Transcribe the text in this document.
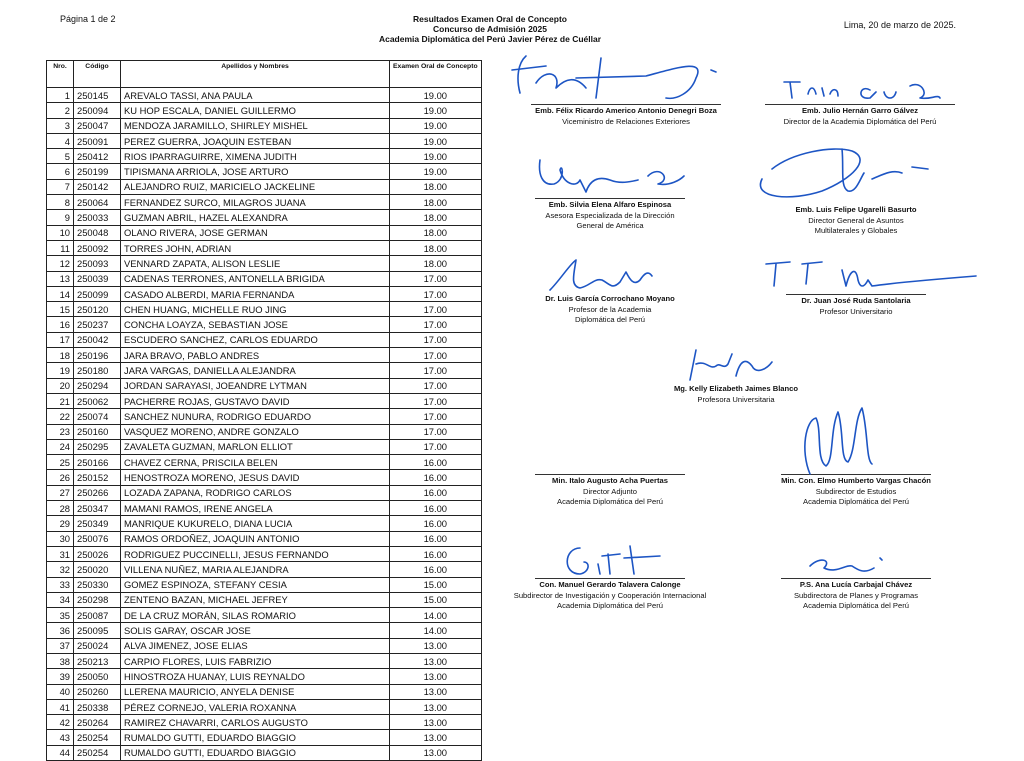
Página 1 de 2	Resultados Examen Oral de Concepto
Concurso de Admisión 2025
Academia Diplomática del Perú Javier Pérez de Cuéllar
Lima, 20 de marzo de 2025.
Nro.	Código	Apellidos y Nombres	Examen Oral de Concepto
1	250145	AREVALO TASSI, ANA PAULA	19.00
2	250094	KU HOP ESCALA, DANIEL GUILLERMO	19.00
3	250047	MENDOZA JARAMILLO, SHIRLEY MISHEL	19.00
4	250091	PEREZ GUERRA, JOAQUIN ESTEBAN	19.00
5	250412	RIOS IPARRAGUIRRE, XIMENA JUDITH	19.00
6	250199	TIPISMANA ARRIOLA, JOSE ARTURO	19.00
7	250142	ALEJANDRO RUIZ, MARICIELO JACKELINE	18.00
8	250064	FERNANDEZ SURCO, MILAGROS JUANA	18.00
9	250033	GUZMAN ABRIL, HAZEL ALEXANDRA	18.00
10	250048	OLANO RIVERA, JOSE GERMAN	18.00
11	250092	TORRES JOHN, ADRIAN	18.00
12	250093	VENNARD ZAPATA, ALISON LESLIE	18.00
13	250039	CADENAS TERRONES, ANTONELLA BRIGIDA	17.00
14	250099	CASADO ALBERDI, MARIA FERNANDA	17.00
15	250120	CHEN HUANG, MICHELLE RUO JING	17.00
16	250237	CONCHA LOAYZA, SEBASTIAN JOSE	17.00
17	250042	ESCUDERO SANCHEZ, CARLOS EDUARDO	17.00
18	250196	JARA BRAVO, PABLO ANDRES	17.00
19	250180	JARA VARGAS, DANIELLA ALEJANDRA	17.00
20	250294	JORDAN SARAYASI, JOEANDRE LYTMAN	17.00
21	250062	PACHERRE ROJAS, GUSTAVO DAVID	17.00
22	250074	SANCHEZ NUNURA, RODRIGO EDUARDO	17.00
23	250160	VASQUEZ MORENO, ANDRE GONZALO	17.00
24	250295	ZAVALETA GUZMAN, MARLON ELLIOT	17.00
25	250166	CHAVEZ CERNA, PRISCILA BELEN	16.00
26	250152	HENOSTROZA MORENO, JESUS DAVID	16.00
27	250266	LOZADA ZAPANA, RODRIGO CARLOS	16.00
28	250347	MAMANI RAMOS, IRENE ANGELA	16.00
29	250349	MANRIQUE KUKURELO, DIANA LUCIA	16.00
30	250076	RAMOS ORDOÑEZ, JOAQUIN ANTONIO	16.00
31	250026	RODRIGUEZ PUCCINELLI, JESUS FERNANDO	16.00
32	250020	VILLENA NUÑEZ, MARIA ALEJANDRA	16.00
33	250330	GOMEZ ESPINOZA, STEFANY CESIA	15.00
34	250298	ZENTENO BAZAN, MICHAEL JEFREY	15.00
35	250087	DE LA CRUZ MORÁN, SILAS ROMARIO	14.00
36	250095	SOLIS GARAY, OSCAR JOSE	14.00
37	250024	ALVA JIMENEZ, JOSE ELIAS	13.00
38	250213	CARPIO FLORES, LUIS FABRIZIO	13.00
39	250050	HINOSTROZA HUANAY, LUIS REYNALDO	13.00
40	250260	LLERENA MAURICIO, ANYELA DENISE	13.00
41	250338	PÉREZ CORNEJO, VALERIA ROXANNA	13.00
42	250264	RAMIREZ CHAVARRI, CARLOS AUGUSTO	13.00
43	250254	RUMALDO GUTTI, EDUARDO BIAGGIO	13.00
44	250254	RUMALDO GUTTI, EDUARDO BIAGGIO	13.00
Emb. Félix Ricardo Americo Antonio Denegri Boza
Viceministro de Relaciones Exteriores
Emb. Julio Hernán Garro Gálvez
Director de la Academia Diplomática del Perú
Emb. Silvia Elena Alfaro Espinosa
Asesora Especializada de la Dirección
General de América
Emb. Luis Felipe Ugarelli Basurto
Director General de Asuntos
Multilaterales y Globales
Dr. Luis García Corrochano Moyano
Profesor de la Academia
Diplomática del Perú
Dr. Juan José Ruda Santolaria
Profesor Universitario
Mg. Kelly Elizabeth Jaimes Blanco
Profesora Universitaria
Min. Italo Augusto Acha Puertas
Director Adjunto
Academia Diplomática del Perú
Min. Con. Elmo Humberto Vargas Chacón
Subdirector de Estudios
Academia Diplomática del Perú
Con. Manuel Gerardo Talavera Calonge
Subdirector de Investigación y Cooperación Internacional
Academia Diplomática del Perú
P.S. Ana Lucía Carbajal Chávez
Subdirectora de Planes y Programas
Academia Diplomática del Perú
